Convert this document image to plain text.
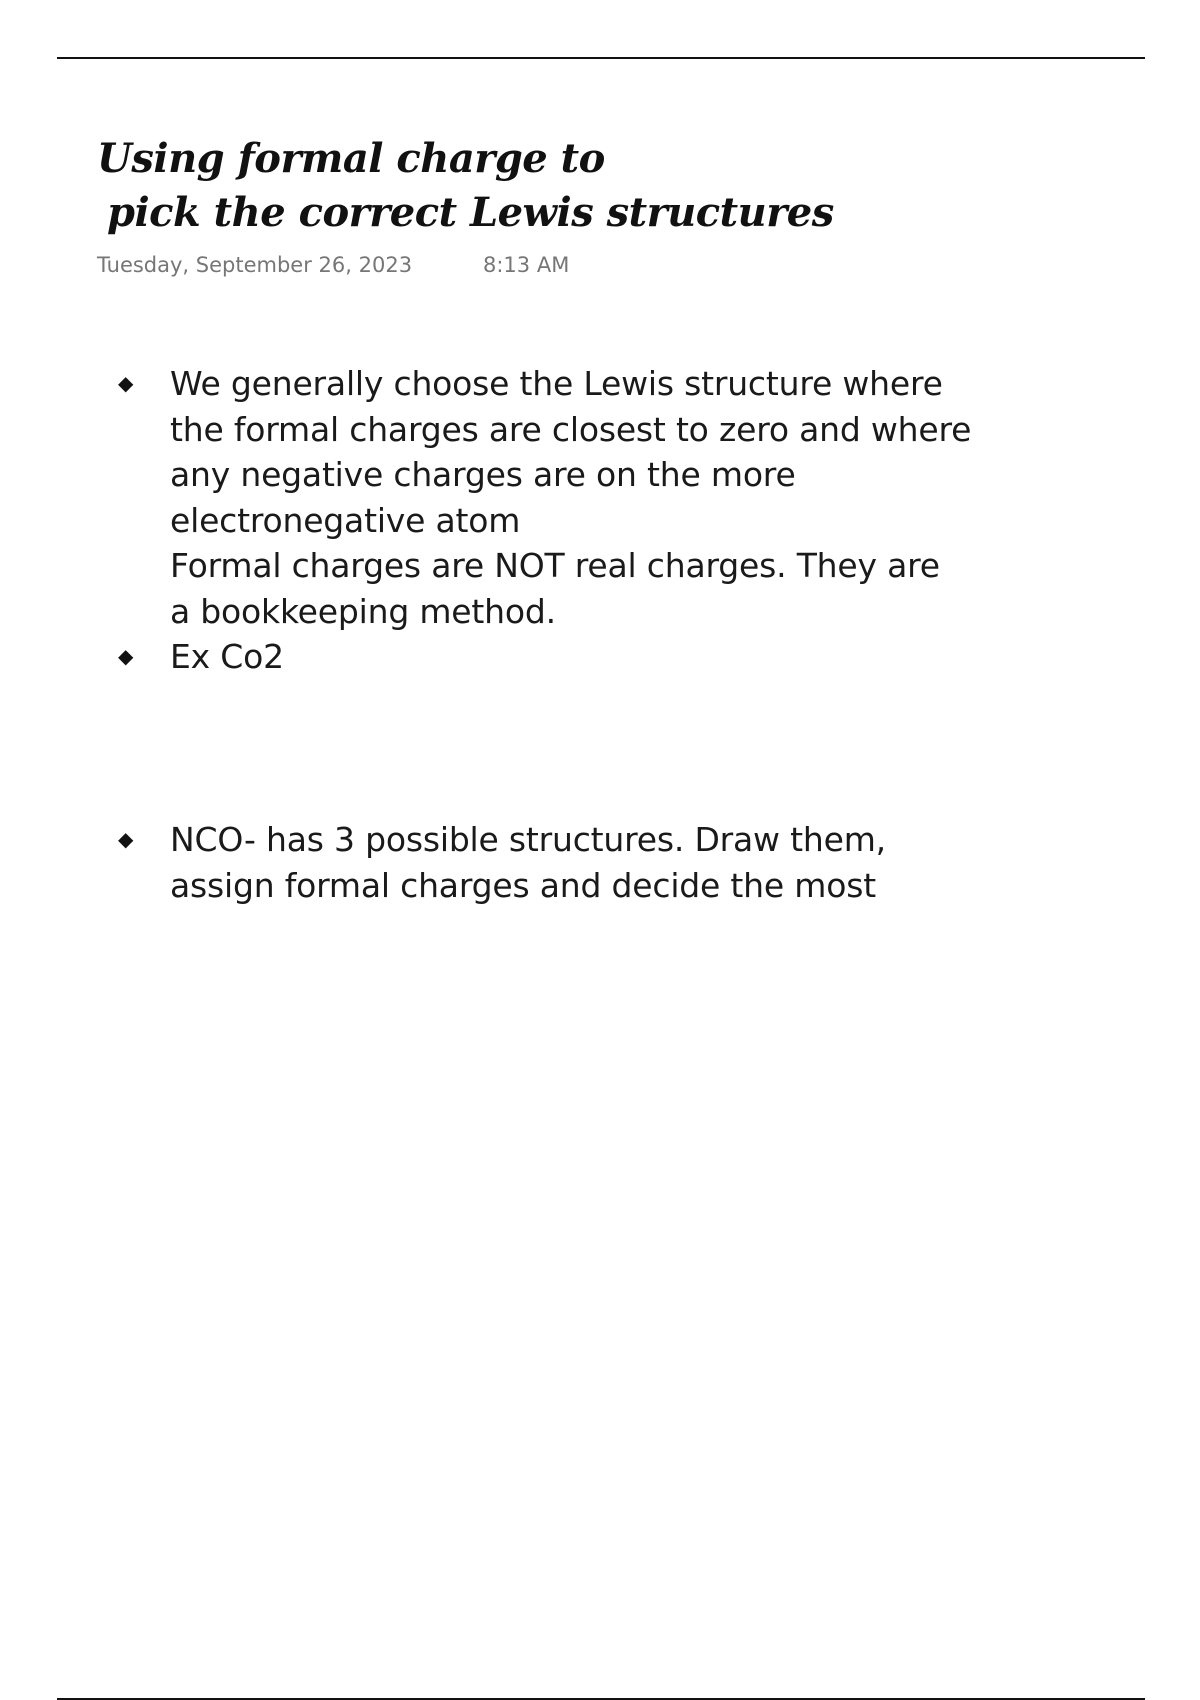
Using formal charge to
pick the correct Lewis structures
Tuesday, September 26, 2023	8:13 AM
◆ We generally choose the Lewis structure where
the formal charges are closest to zero and where
any negative charges are on the more
electronegative atom
Formal charges are NOT real charges. They are
a bookkeeping method.
◆ Ex Co2
◆ NCO- has 3 possible structures. Draw them,
assign formal charges and decide the most
